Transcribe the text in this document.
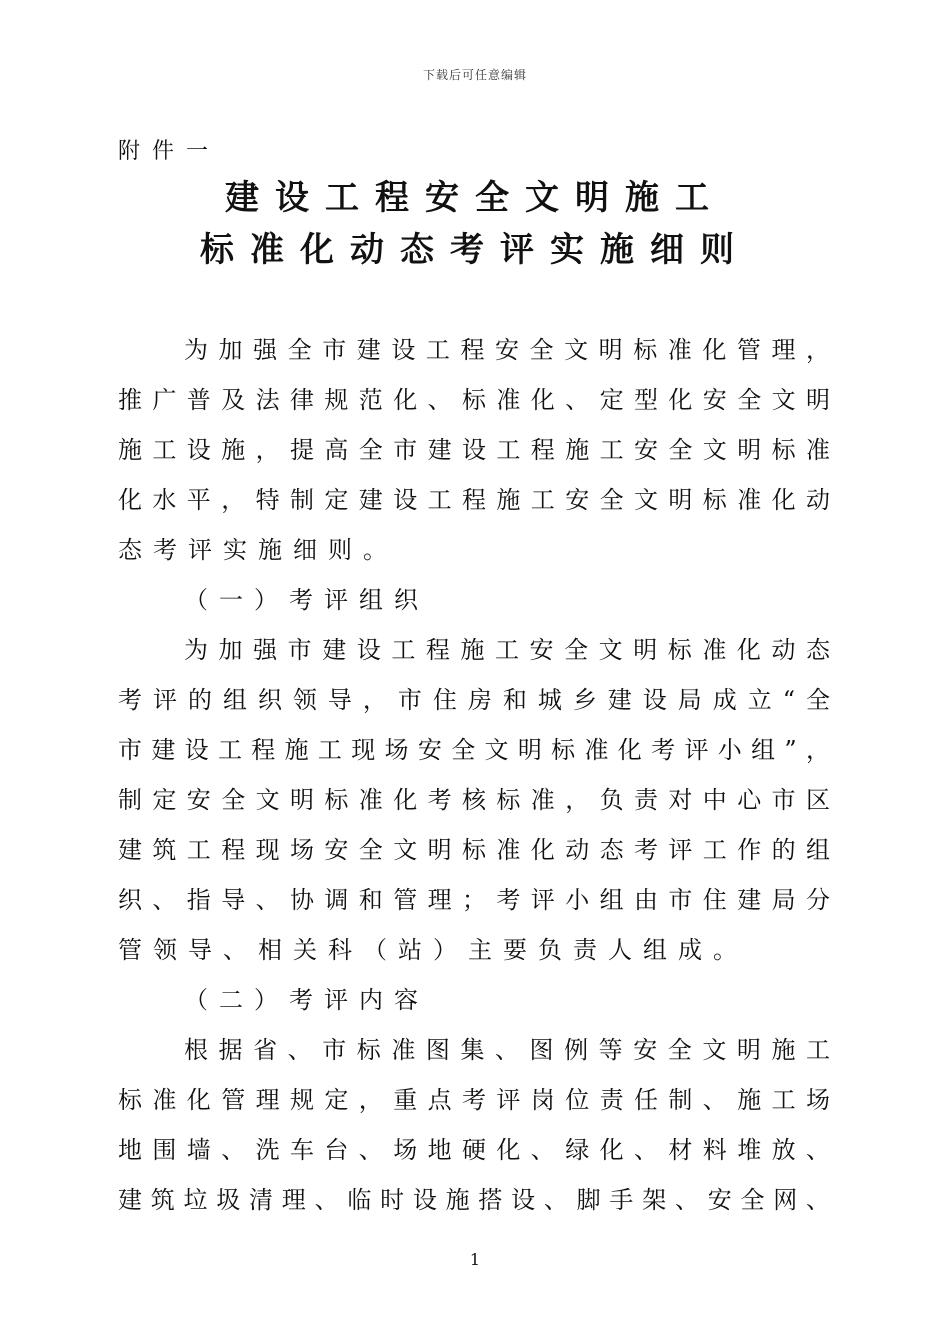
下载后可任意编辑
附件一
建设工程安全文明施工
标准化动态考评实施细则
为加强全市建设工程安全文明标准化管理，
推广普及法律规范化、标准化、定型化安全文明
施工设施，提高全市建设工程施工安全文明标准
化水平，特制定建设工程施工安全文明标准化动
态考评实施细则。
（一）考评组织
为加强市建设工程施工安全文明标准化动态
考评的组织领导，市住房和城乡建设局成立“全
市建设工程施工现场安全文明标准化考评小组”，
制定安全文明标准化考核标准，负责对中心市区
建筑工程现场安全文明标准化动态考评工作的组
织、指导、协调和管理；考评小组由市住建局分
管领导、相关科（站）主要负责人组成。
（二）考评内容
根据省、市标准图集、图例等安全文明施工
标准化管理规定，重点考评岗位责任制、施工场
地围墙、洗车台、场地硬化、绿化、材料堆放、
建筑垃圾清理、临时设施搭设、脚手架、安全网、
1
